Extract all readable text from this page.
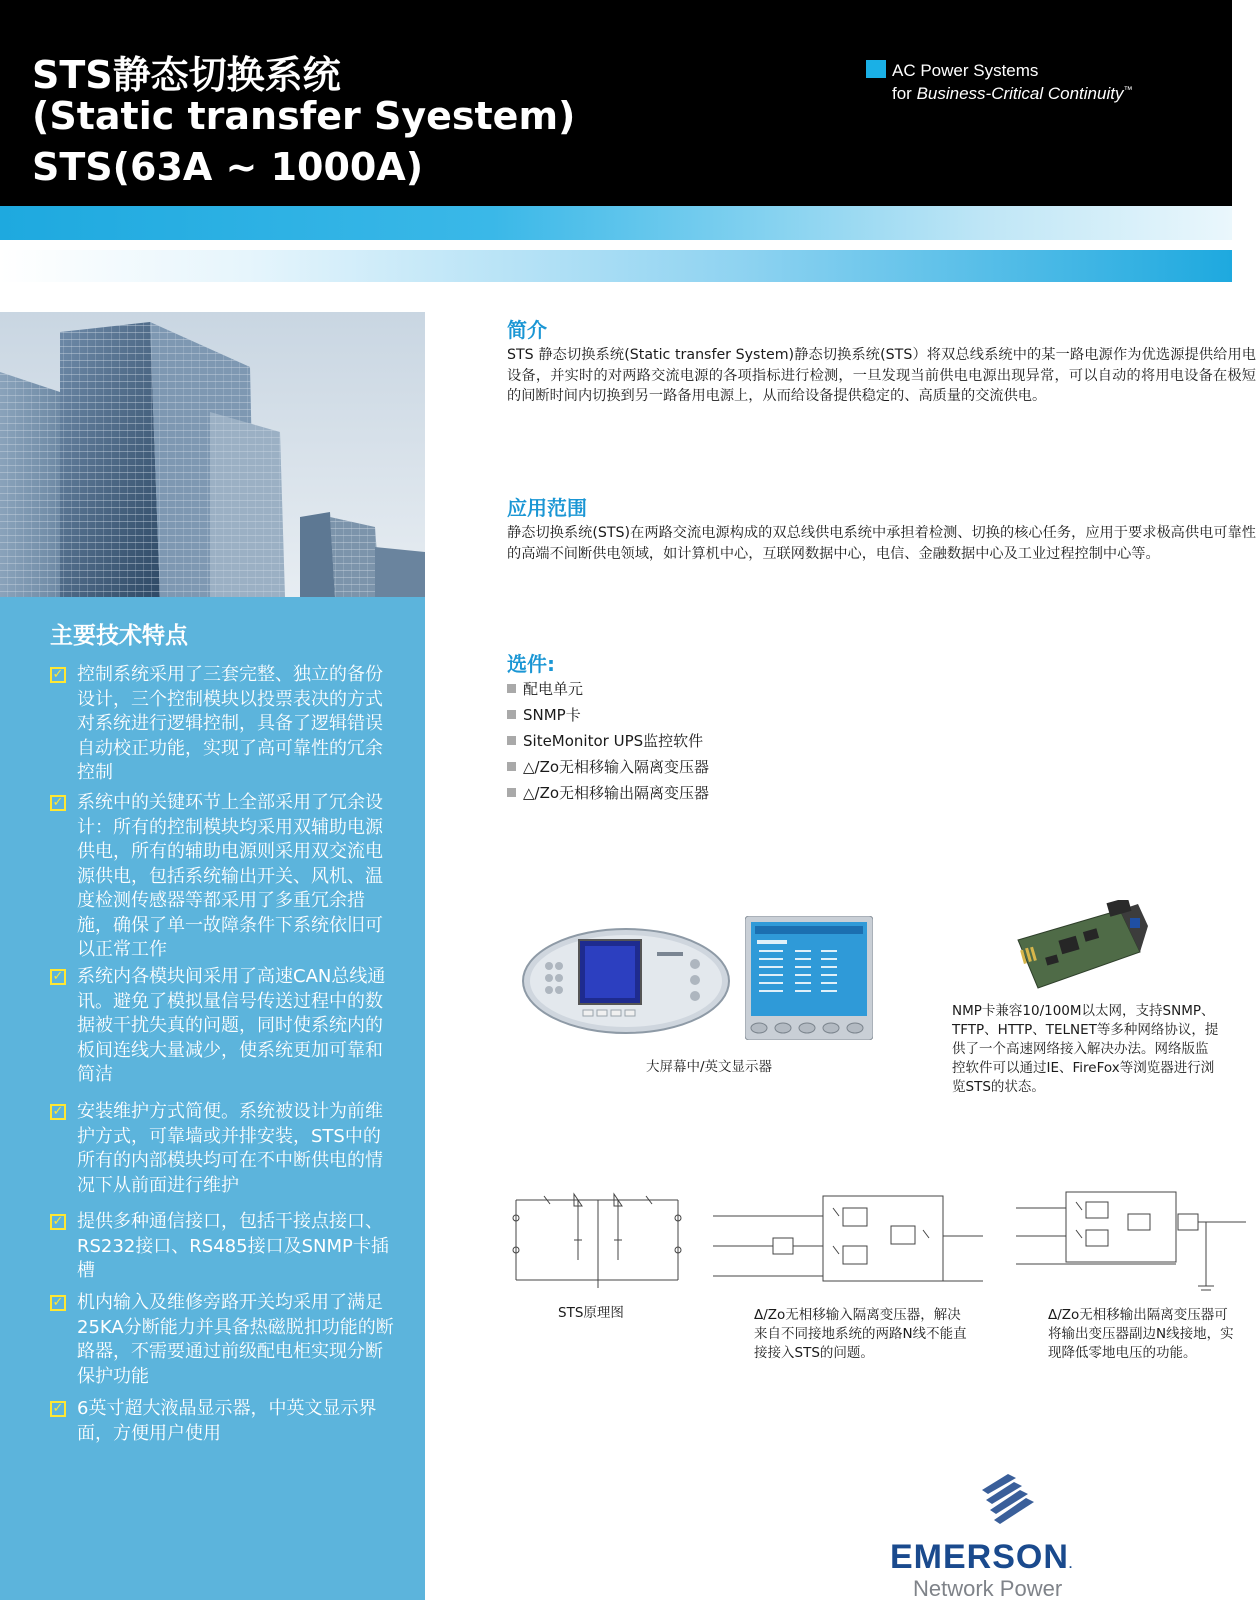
STS静态切换系统
(Static transfer Syestem)
STS(63A ~ 1000A)
AC Power Systems
for Business-Critical Continuity™
主要技术特点
✓ 控制系统采用了三套完整、独立的备份设计，三个控制模块以投票表决的方式对系统进行逻辑控制，具备了逻辑错误自动校正功能，实现了高可靠性的冗余控制
✓ 系统中的关键环节上全部采用了冗余设计：所有的控制模块均采用双辅助电源供电，所有的辅助电源则采用双交流电源供电，包括系统输出开关、风机、温度检测传感器等都采用了多重冗余措施，确保了单一故障条件下系统依旧可以正常工作
✓ 系统内各模块间采用了高速CAN总线通讯。避免了模拟量信号传送过程中的数据被干扰失真的问题，同时使系统内的板间连线大量减少，使系统更加可靠和简洁
✓ 安装维护方式简便。系统被设计为前维护方式，可靠墙或并排安装，STS中的所有的内部模块均可在不中断供电的情况下从前面进行维护
✓ 提供多种通信接口，包括干接点接口、RS232接口、RS485接口及SNMP卡插槽
✓ 机内输入及维修旁路开关均采用了满足25KA分断能力并具备热磁脱扣功能的断路器，不需要通过前级配电柜实现分断保护功能
✓ 6英寸超大液晶显示器，中英文显示界面，方便用户使用
简介
STS 静态切换系统(Static transfer System)静态切换系统(STS）将双总线系统中的某一路电源作为优选源提供给用电设备，并实时的对两路交流电源的各项指标进行检测，一旦发现当前供电电源出现异常，可以自动的将用电设备在极短的间断时间内切换到另一路备用电源上，从而给设备提供稳定的、高质量的交流供电。
应用范围
静态切换系统(STS)在两路交流电源构成的双总线供电系统中承担着检测、切换的核心任务，应用于要求极高供电可靠性的高端不间断供电领域，如计算机中心，互联网数据中心，电信、金融数据中心及工业过程控制中心等。
选件:
配电单元
SNMP卡
SiteMonitor UPS监控软件
△/Zo无相移输入隔离变压器
△/Zo无相移输出隔离变压器
大屏幕中/英文显示器
NMP卡兼容10/100M以太网，支持SNMP、TFTP、HTTP、TELNET等多种网络协议，提供了一个高速网络接入解决办法。网络版监控软件可以通过IE、FireFox等浏览器进行浏览STS的状态。
STS原理图	Δ/Zo无相移输入隔离变压器，解决来自不同接地系统的两路N线不能直接接入STS的问题。
Δ/Zo无相移输出隔离变压器可将输出变压器副边N线接地，实现降低零地电压的功能。
EMERSON.
Network Power
